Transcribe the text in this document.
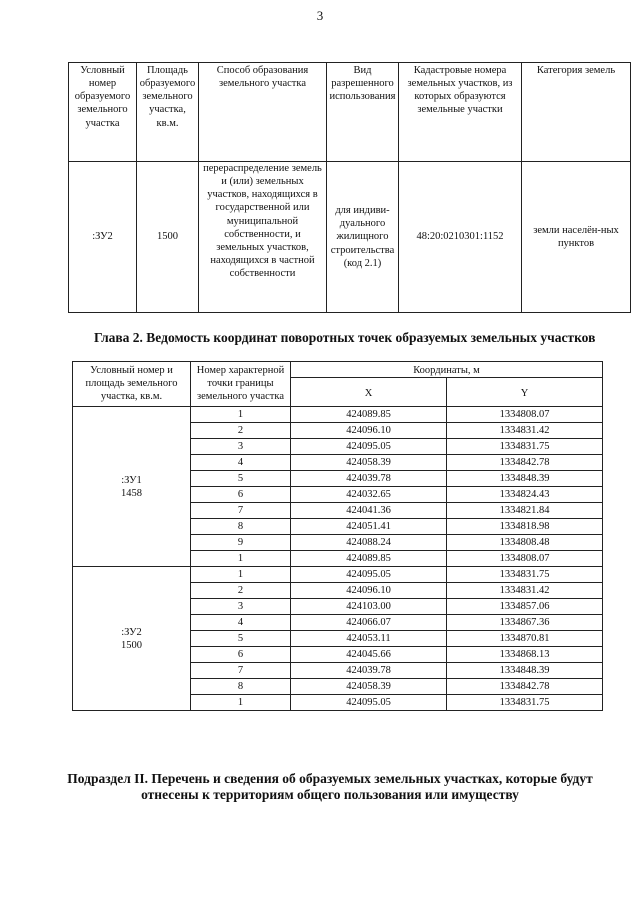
3
Условный номер образуемого земельного участка	Площадь образуемого земельного участка, кв.м.	Способ образования земельного участка	Вид разрешенного использования	Кадастровые номера земельных участков, из которых образуются земельные участки	Категория земель
:ЗУ2	1500	перераспределение земель и (или) земельных участков, находящихся в государственной или муниципальной собственности, и земельных участков, находящихся в частной собственности	для индиви-дуального жилищного строительства (код 2.1)	48:20:0210301:1152	земли населён-ных пунктов
Глава 2. Ведомость координат поворотных точек образуемых земельных участков
Условный номер и площадь земельного участка, кв.м.	Номер характерной точки границы земельного участка	Координаты, м	
		X	Y

:ЗУ1
1458	1	424089.85	1334808.07
	2	424096.10	1334831.42
	3	424095.05	1334831.75
	4	424058.39	1334842.78
	5	424039.78	1334848.39
	6	424032.65	1334824.43
	7	424041.36	1334821.84
	8	424051.41	1334818.98
	9	424088.24	1334808.48
	1	424089.85	1334808.07

:ЗУ2
1500	1	424095.05	1334831.75
	2	424096.10	1334831.42
	3	424103.00	1334857.06
	4	424066.07	1334867.36
	5	424053.11	1334870.81
	6	424045.66	1334868.13
	7	424039.78	1334848.39
	8	424058.39	1334842.78
	1	424095.05	1334831.75
Подраздел II. Перечень и сведения об образуемых земельных участках, которые будут отнесены к территориям общего пользования или имуществу
